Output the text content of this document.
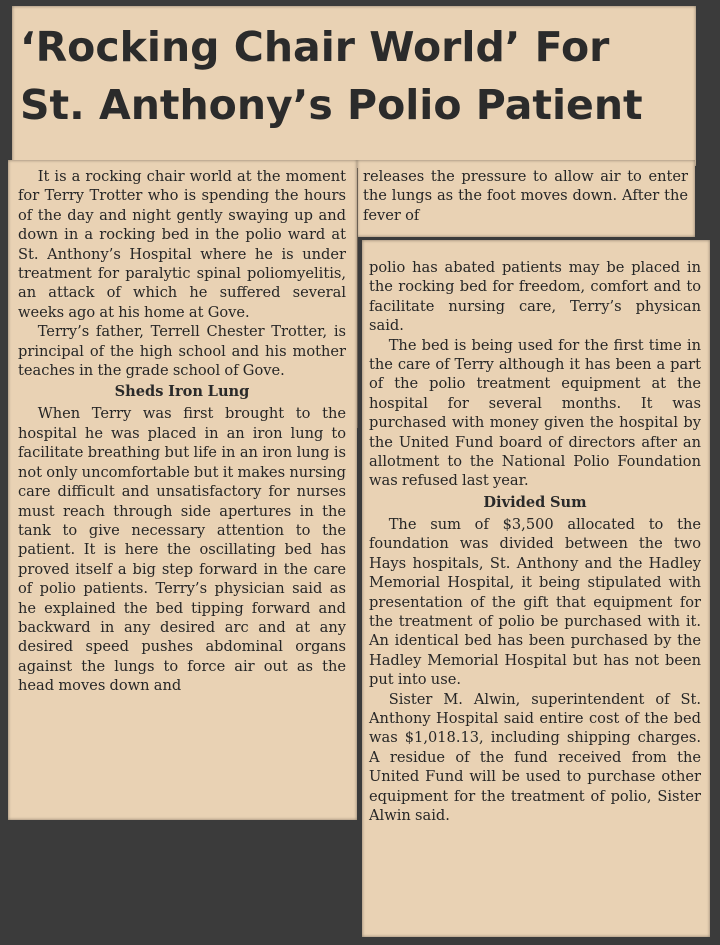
‘Rocking Chair World’ For
St. Anthony’s Polio Patient

It is a rocking chair world at the moment for Terry Trotter who is spending the hours of the day and night gently swaying up and down in a rocking bed in the polio ward at St. Anthony’s Hospital where he is under treatment for paralytic spinal poliomyelitis, an attack of which he suffered several weeks ago at his home at Gove.

Terry’s father, Terrell Chester Trotter, is principal of the high school and his mother teaches in the grade school of Gove.

Sheds Iron Lung

When Terry was first brought to the hospital he was placed in an iron lung to facilitate breathing but life in an iron lung is not only uncomfortable but it makes nursing care difficult and unsatisfactory for nurses must reach through side apertures in the tank to give necessary attention to the patient. It is here the oscillating bed has proved itself a big step forward in the care of polio patients. Terry’s physician said as he explained the bed tipping forward and backward in any desired arc and at any desired speed pushes abdominal organs against the lungs to force air out as the head moves down and

releases the pressure to allow air to enter the lungs as the foot moves down. After the fever of

polio has abated patients may be placed in the rocking bed for freedom, comfort and to facilitate nursing care, Terry’s physican said.

The bed is being used for the first time in the care of Terry although it has been a part of the polio treatment equipment at the hospital for several months. It was purchased with money given the hospital by the United Fund board of directors after an allotment to the National Polio Foundation was refused last year.

Divided Sum

The sum of $3,500 allocated to the foundation was divided between the two Hays hospitals, St. Anthony and the Hadley Memorial Hospital, it being stipulated with presentation of the gift that equipment for the treatment of polio be purchased with it. An identical bed has been purchased by the Hadley Memorial Hospital but has not been put into use.

Sister M. Alwin, superintendent of St. Anthony Hospital said entire cost of the bed was $1,018.13, including shipping charges. A residue of the fund received from the United Fund will be used to purchase other equipment for the treatment of polio, Sister Alwin said.
